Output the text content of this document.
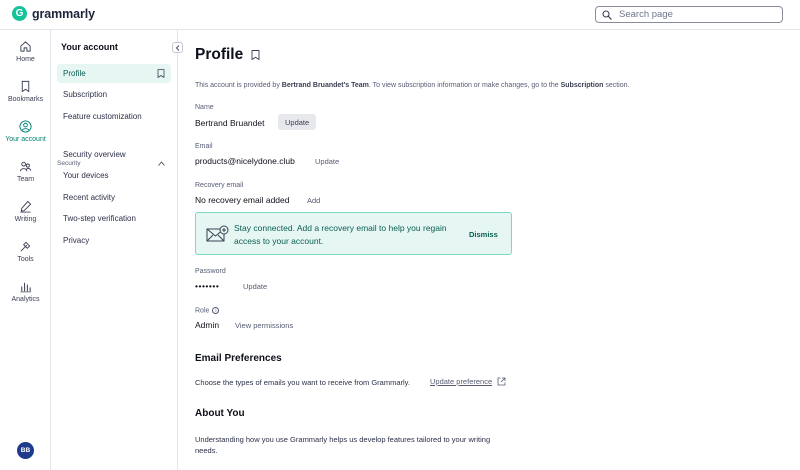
G grammarly
Search page
Home
Bookmarks
Your account
Team
Writing
Tools
Analytics
BB
Your account
Profile
Subscription
Feature customization
Security
Security overview
Your devices
Recent activity
Two-step verification
Privacy
Profile
This account is provided by Bertrand Bruandet's Team. To view subscription information or make changes, go to the Subscription section.
Name
Bertrand Bruandet	Update
Email
products@nicelydone.club	Update
Recovery email
No recovery email added Add
Stay connected. Add a recovery email to help you regain access to your account.
Dismiss
Password
•••••••	Update
Role i
Admin View permissions
Email Preferences
Choose the types of emails you want to receive from Grammarly.	Update preference
About You
Understanding how you use Grammarly helps us develop features tailored to your writing needs.
